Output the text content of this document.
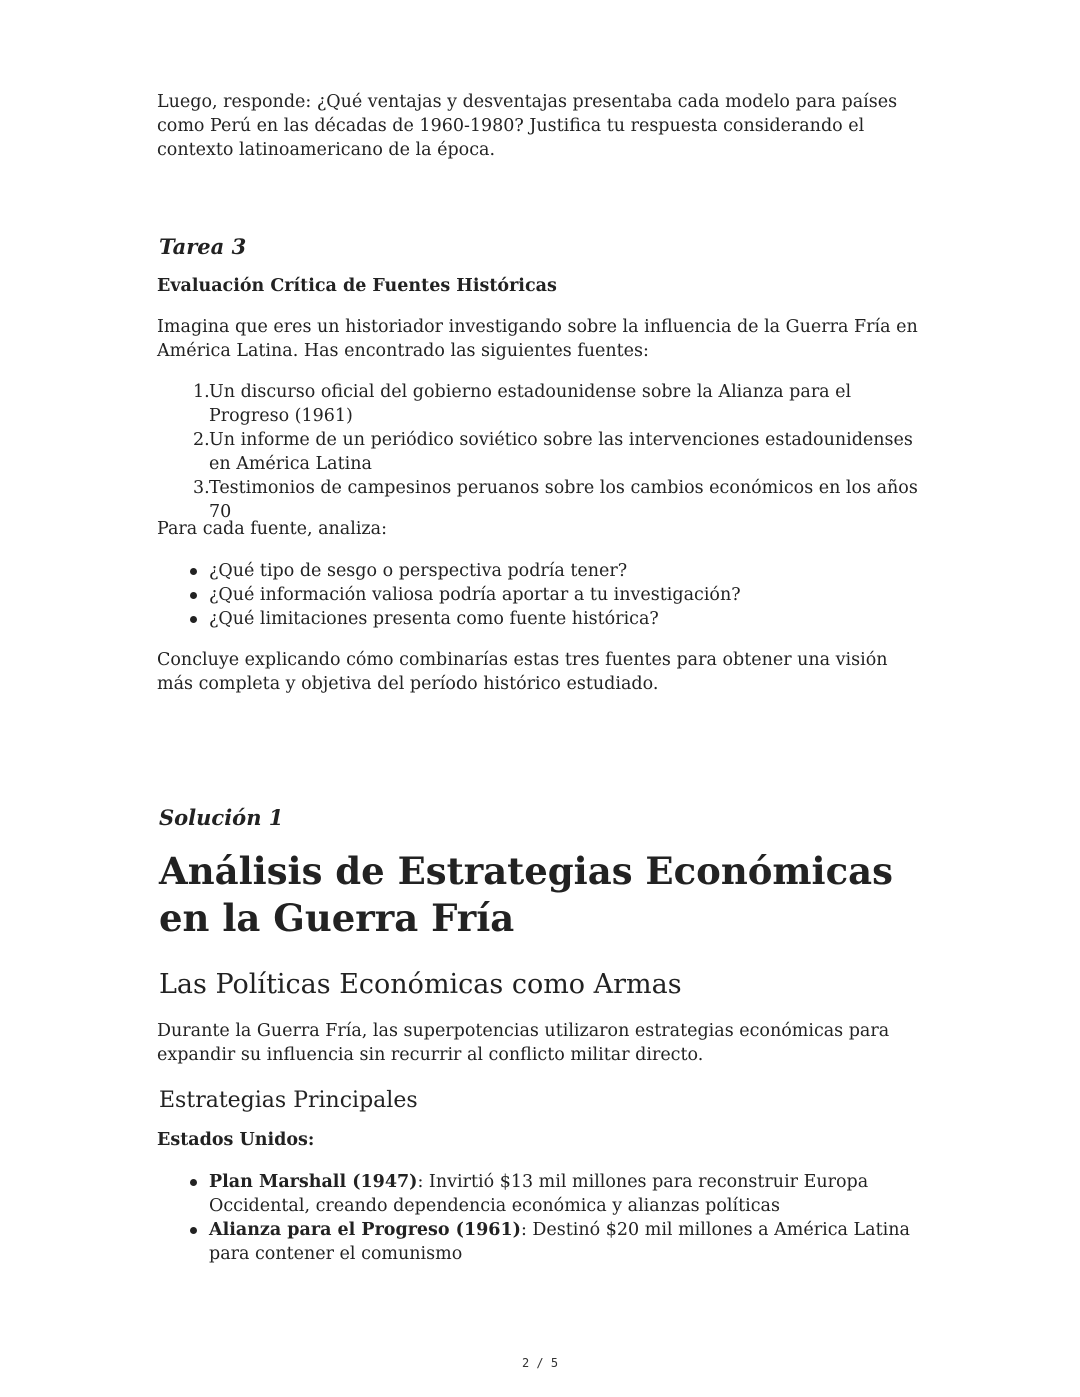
Luego, responde: ¿Qué ventajas y desventajas presentaba cada modelo para países como Perú en las décadas de 1960-1980? Justifica tu respuesta considerando el contexto latinoamericano de la época.

Tarea 3
Evaluación Crítica de Fuentes Históricas

Imagina que eres un historiador investigando sobre la influencia de la Guerra Fría en América Latina. Has encontrado las siguientes fuentes:

1. Un discurso oficial del gobierno estadounidense sobre la Alianza para el Progreso (1961)
2. Un informe de un periódico soviético sobre las intervenciones estadounidenses en América Latina
3. Testimonios de campesinos peruanos sobre los cambios económicos en los años 70

Para cada fuente, analiza:

¿Qué tipo de sesgo o perspectiva podría tener?
¿Qué información valiosa podría aportar a tu investigación?
¿Qué limitaciones presenta como fuente histórica?

Concluye explicando cómo combinarías estas tres fuentes para obtener una visión más completa y objetiva del período histórico estudiado.

Solución 1
Análisis de Estrategias Económicas en la Guerra Fría
Las Políticas Económicas como Armas

Durante la Guerra Fría, las superpotencias utilizaron estrategias económicas para expandir su influencia sin recurrir al conflicto militar directo.

Estrategias Principales
Estados Unidos:
Plan Marshall (1947): Invirtió $13 mil millones para reconstruir Europa Occidental, creando dependencia económica y alianzas políticas
Alianza para el Progreso (1961): Destinó $20 mil millones a América Latina para contener el comunismo
2 / 5
